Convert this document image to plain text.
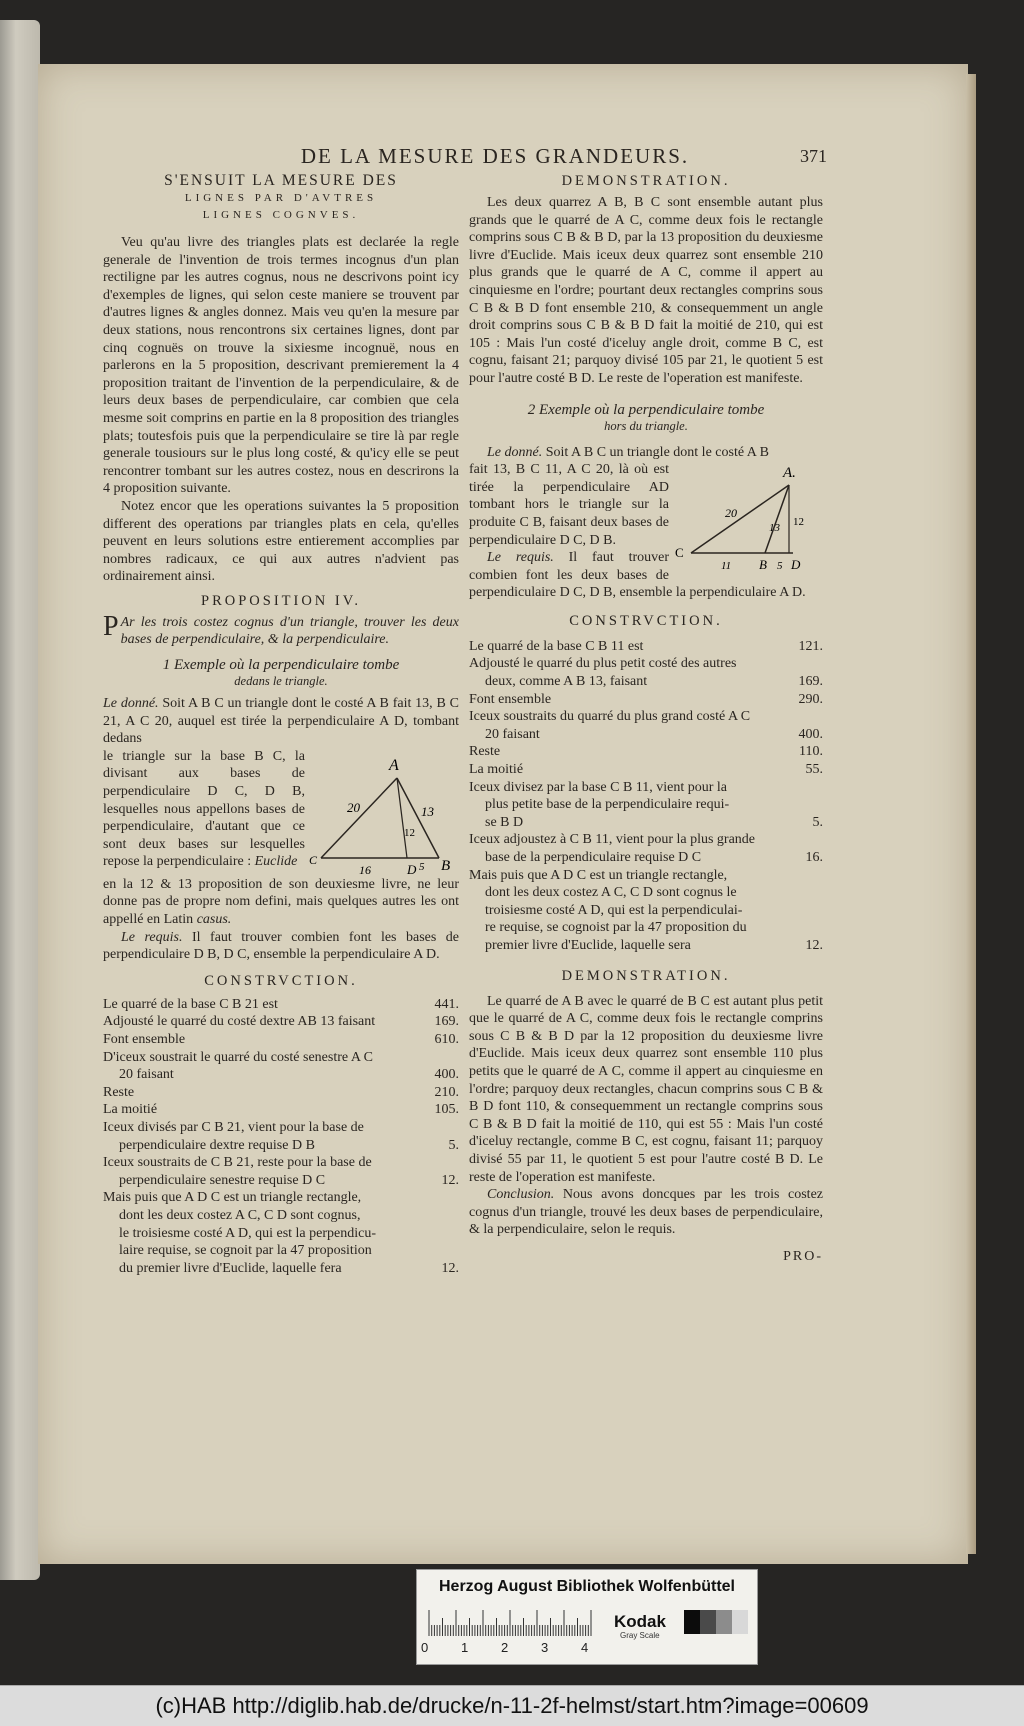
DE LA MESURE DES GRANDEURS.	371
S'ENSUIT LA MESURE DES
LIGNES PAR D'AVTRES
LIGNES COGNVES.

Veu qu'au livre des triangles plats est declarée la regle generale de l'invention de trois termes incognus d'un plan rectiligne par les autres cognus, nous ne descrivons point icy d'exemples de lignes, qui selon ceste maniere se trouvent par d'autres lignes & angles donnez. Mais veu qu'en la mesure par deux stations, nous rencontrons six certaines lignes, dont par cinq cognuës on trouve la sixiesme incognuë, nous en parlerons en la 5 proposition, descrivant premierement la 4 proposition traitant de l'invention de la perpendiculaire, & de leurs deux bases de perpendiculaire, car combien que cela mesme soit comprins en partie en la 8 proposition des triangles plats; toutesfois puis que la perpendiculaire se tire là par regle generale tousiours sur le plus long costé, & qu'icy elle se peut rencontrer tombant sur les autres costez, nous en descrirons la 4 proposition suivante.

Notez encor que les operations suivantes la 5 proposition different des operations par triangles plats en cela, qu'elles peuvent en leurs solutions estre entierement accomplies par nombres radicaux, ce qui aux autres n'advient pas ordinairement ainsi.

PROPOSITION IV.

P Ar les trois costez cognus d'un triangle, trouver les deux bases de perpendiculaire, & la perpendiculaire.

1 Exemple où la perpendiculaire tombe
dedans le triangle.

Le donné. Soit A B C un triangle dont le costé A B fait 13, B C 21, A C 20, auquel est tirée la perpendiculaire A D, tombant dedans

A
B
C
D
20	13
16	5
12

le triangle sur la base B C, la divisant aux bases de perpendiculaire D C, D B, lesquelles nous appellons bases de perpendiculaire, d'autant que ce sont deux bases sur lesquelles repose la perpendiculaire : Euclide

en la 12 & 13 proposition de son deuxiesme livre, ne leur donne pas de propre nom defini, mais quelques autres les ont appellé en Latin casus.

Le requis. Il faut trouver combien font les bases de perpendiculaire D B, D C, ensemble la perpendiculaire A D.

CONSTRVCTION.
Le quarré de la base C B 21 est	441.
Adjousté le quarré du costé dextre AB 13 faisant	169.
Font ensemble	610.
D'iceux soustrait le quarré du costé senestre A C	
20 faisant	400.
Reste	210.
La moitié	105.
Iceux divisés par C B 21, vient pour la base de	
perpendiculaire dextre requise D B	5.
Iceux soustraits de C B 21, reste pour la base de	
perpendiculaire senestre requise D C	12.
Mais puis que A D C est un triangle rectangle,	
dont les deux costez A C, C D sont cognus,	
le troisiesme costé A D, qui est la perpendicu-	
laire requise, se cognoit par la 47 proposition	
du premier livre d'Euclide, laquelle fera	12.
DEMONSTRATION.

Les deux quarrez A B, B C sont ensemble autant plus grands que le quarré de A C, comme deux fois le rectangle comprins sous C B & B D, par la 13 proposition du deuxiesme livre d'Euclide. Mais iceux deux quarrez sont ensemble 210 plus grands que le quarré de A C, comme il appert au cinquiesme en l'ordre; pourtant deux rectangles comprins sous C B & B D font ensemble 210, & consequemment un angle droit comprins sous C B & B D fait la moitié de 210, qui est 105 : Mais l'un costé d'iceluy angle droit, comme B C, est cognu, faisant 21; parquoy divisé 105 par 21, le quotient 5 est pour l'autre costé B D. Le reste de l'operation est manifeste.

2 Exemple où la perpendiculaire tombe
hors du triangle.

Le donné. Soit A B C un triangle dont le costé A B

A.
C
B D
20
13
11	5
12

fait 13, B C 11, A C 20, là où est tirée la perpendiculaire AD tombant hors le triangle sur la produite C B, faisant deux bases de perpendiculaire D C, D B.

Le requis. Il faut trouver combien font les deux bases de perpendiculaire D C, D B, ensemble la perpendiculaire A D.

CONSTRVCTION.
Le quarré de la base C B 11 est	121.
Adjousté le quarré du plus petit costé des autres	
deux, comme A B 13, faisant	169.
Font ensemble	290.
Iceux soustraits du quarré du plus grand costé A C	
20 faisant	400.
Reste	110.
La moitié	55.
Iceux divisez par la base C B 11, vient pour la	
plus petite base de la perpendiculaire requi-	
se B D	5.
Iceux adjoustez à C B 11, vient pour la plus grande	
base de la perpendiculaire requise D C	16.
Mais puis que A D C est un triangle rectangle,	
dont les deux costez A C, C D sont cognus le	
troisiesme costé A D, qui est la perpendiculai-	
re requise, se cognoist par la 47 proposition du	
premier livre d'Euclide, laquelle sera	12.
DEMONSTRATION.

Le quarré de A B avec le quarré de B C est autant plus petit que le quarré de A C, comme deux fois le rectangle comprins sous C B & B D par la 12 proposition du deuxiesme livre d'Euclide. Mais iceux deux quarrez sont ensemble 110 plus petits que le quarré de A C, comme il appert au cinquiesme en l'ordre; parquoy deux rectangles, chacun comprins sous C B & B D font 110, & consequemment un rectangle comprins sous C B & B D fait la moitié de 110, qui est 55 : Mais l'un costé d'iceluy rectangle, comme B C, est cognu, faisant 11; parquoy divisé 55 par 11, le quotient 5 est pour l'autre costé B D. Le reste de l'operation est manifeste.

Conclusion. Nous avons doncques par les trois costez cognus d'un triangle, trouvé les deux bases de perpendiculaire, & la perpendiculaire, selon le requis.

PRO-
Herzog August Bibliothek Wolfenbüttel
0	1	2	3	4
Kodak
Gray Scale
(c)HAB http://diglib.hab.de/drucke/n-11-2f-helmst/start.htm?image=00609
